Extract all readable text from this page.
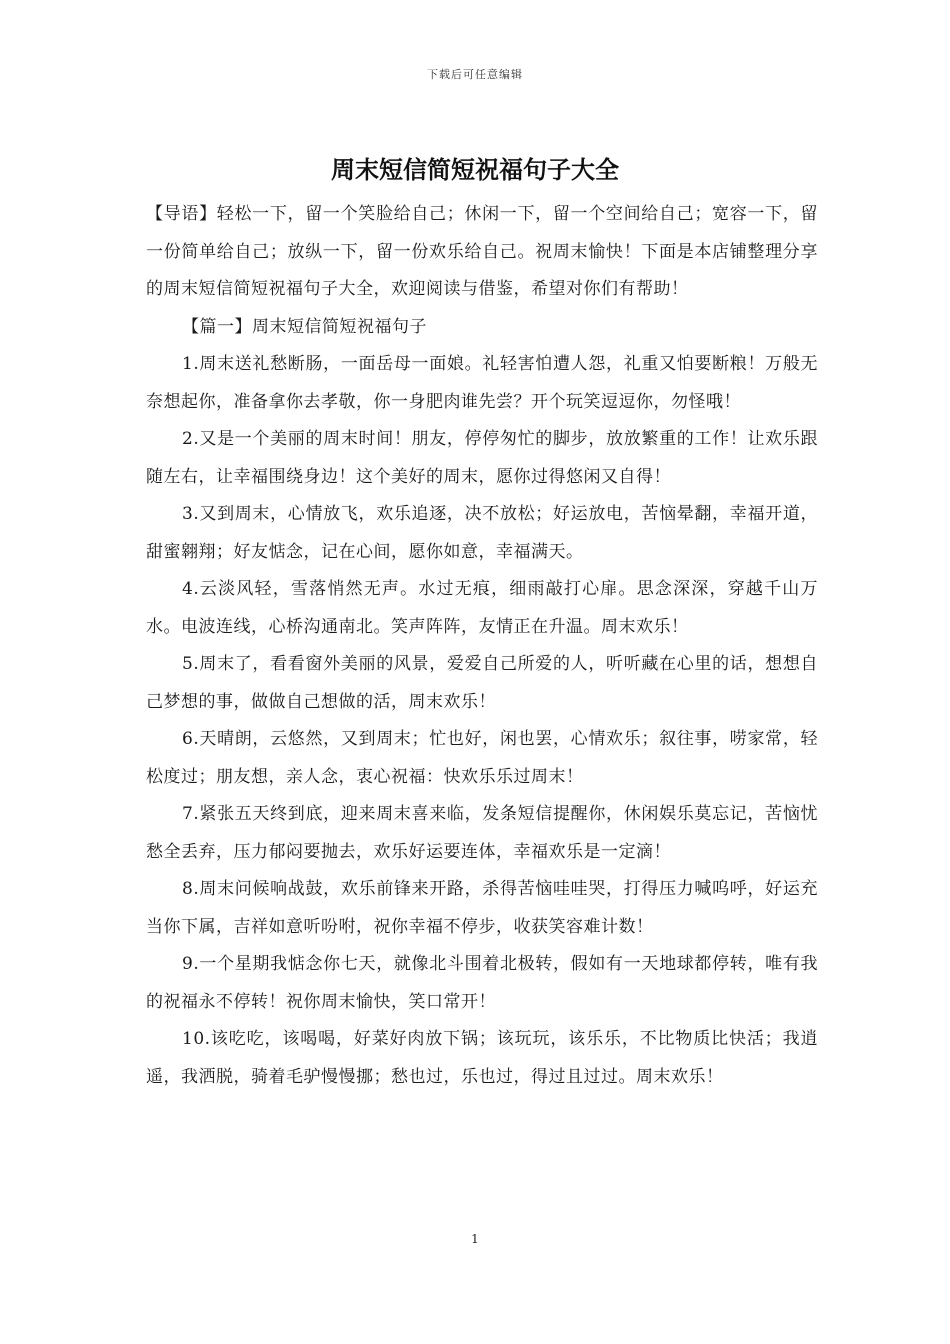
下载后可任意编辑
周末短信简短祝福句子大全

【导语】轻松一下，留一个笑脸给自己；休闲一下，留一个空间给自己；宽容一下，留一份简单给自己；放纵一下，留一份欢乐给自己。祝周末愉快！下面是本店铺整理分享的周末短信简短祝福句子大全，欢迎阅读与借鉴，希望对你们有帮助！

【篇一】周末短信简短祝福句子

1.周末送礼愁断肠，一面岳母一面娘。礼轻害怕遭人怨，礼重又怕要断粮！万般无奈想起你，准备拿你去孝敬，你一身肥肉谁先尝？开个玩笑逗逗你，勿怪哦！

2.又是一个美丽的周末时间！朋友，停停匆忙的脚步，放放繁重的工作！让欢乐跟随左右，让幸福围绕身边！这个美好的周末，愿你过得悠闲又自得！

3.又到周末，心情放飞，欢乐追逐，决不放松；好运放电，苦恼晕翻，幸福开道，甜蜜翱翔；好友惦念，记在心间，愿你如意，幸福满天。

4.云淡风轻，雪落悄然无声。水过无痕，细雨敲打心扉。思念深深，穿越千山万水。电波连线，心桥沟通南北。笑声阵阵，友情正在升温。周末欢乐！

5.周末了，看看窗外美丽的风景，爱爱自己所爱的人，听听藏在心里的话，想想自己梦想的事，做做自己想做的活，周末欢乐！

6.天晴朗，云悠然，又到周末；忙也好，闲也罢，心情欢乐；叙往事，唠家常，轻松度过；朋友想，亲人念，衷心祝福：快欢乐乐过周末！

7.紧张五天终到底，迎来周末喜来临，发条短信提醒你，休闲娱乐莫忘记，苦恼忧愁全丢弃，压力郁闷要抛去，欢乐好运要连体，幸福欢乐是一定滴！

8.周末问候响战鼓，欢乐前锋来开路，杀得苦恼哇哇哭，打得压力喊呜呼，好运充当你下属，吉祥如意听吩咐，祝你幸福不停步，收获笑容难计数！

9.一个星期我惦念你七天，就像北斗围着北极转，假如有一天地球都停转，唯有我的祝福永不停转！祝你周末愉快，笑口常开！

10.该吃吃，该喝喝，好菜好肉放下锅；该玩玩，该乐乐，不比物质比快活；我逍遥，我洒脱，骑着毛驴慢慢挪；愁也过，乐也过，得过且过过。周末欢乐！

1
